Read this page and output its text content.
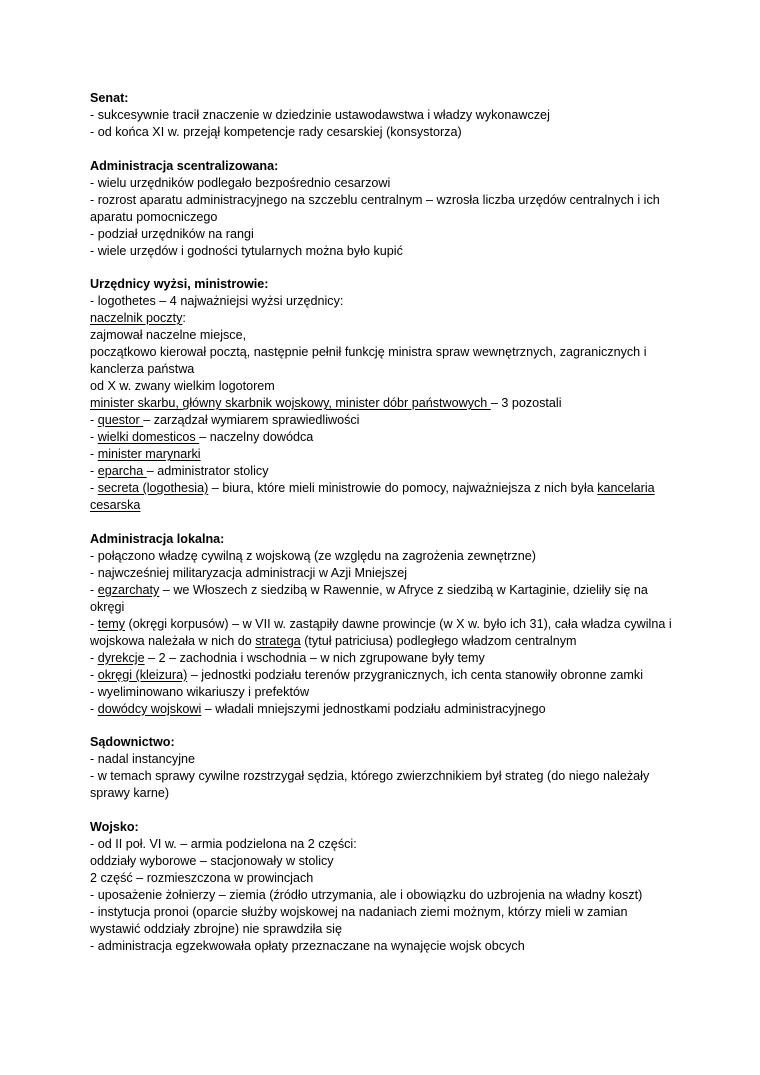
Senat:
- sukcesywnie tracił znaczenie w dziedzinie ustawodawstwa i władzy wykonawczej
- od końca XI w. przejął kompetencje rady cesarskiej (konsystorza)
Administracja scentralizowana:
- wielu urzędników podlegało bezpośrednio cesarzowi
- rozrost aparatu administracyjnego na szczeblu centralnym – wzrosła liczba urzędów centralnych i ich aparatu pomocniczego
- podział urzędników na rangi
- wiele urzędów i godności tytularnych można było kupić
Urzędnicy wyżsi, ministrowie:
- logothetes – 4 najważniejsi wyżsi urzędnicy:
naczelnik poczty:
zajmował naczelne miejsce,
początkowo kierował pocztą, następnie pełnił funkcję ministra spraw wewnętrznych, zagranicznych i kanclerza państwa
od X w. zwany wielkim logotorem
minister skarbu, główny skarbnik wojskowy, minister dóbr państwowych – 3 pozostali
- questor – zarządzał wymiarem sprawiedliwości
- wielki domesticos – naczelny dowódca
- minister marynarki
- eparcha – administrator stolicy
- secreta (logothesia) – biura, które mieli ministrowie do pomocy, najważniejsza z nich była kancelaria cesarska
Administracja lokalna:
- połączono władzę cywilną z wojskową (ze względu na zagrożenia zewnętrzne)
- najwcześniej militaryzacja administracji w Azji Mniejszej
- egzarchaty – we Włoszech z siedzibą w Rawennie, w Afryce z siedzibą w Kartaginie, dzieliły się na okręgi
- temy (okręgi korpusów) – w VII w. zastąpiły dawne prowincje (w X w. było ich 31), cała władza cywilna i wojskowa należała w nich do stratega (tytuł patriciusa) podległego władzom centralnym
- dyrekcje – 2 – zachodnia i wschodnia – w nich zgrupowane były temy
- okręgi (kleizura) – jednostki podziału terenów przygranicznych, ich centa stanowiły obronne zamki
- wyeliminowano wikariuszy i prefektów
- dowódcy wojskowi – władali mniejszymi jednostkami podziału administracyjnego
Sądownictwo:
- nadal instancyjne
- w temach sprawy cywilne rozstrzygał sędzia, którego zwierzchnikiem był strateg (do niego należały sprawy karne)
Wojsko:
- od II poł. VI w. – armia podzielona na 2 części:
oddziały wyborowe – stacjonowały w stolicy
2 część – rozmieszczona w prowincjach
- uposażenie żołnierzy – ziemia (źródło utrzymania, ale i obowiązku do uzbrojenia na władny koszt)
- instytucja pronoi (oparcie służby wojskowej na nadaniach ziemi możnym, którzy mieli w zamian wystawić oddziały zbrojne) nie sprawdziła się
- administracja egzekwowała opłaty przeznaczane na wynajęcie wojsk obcych
